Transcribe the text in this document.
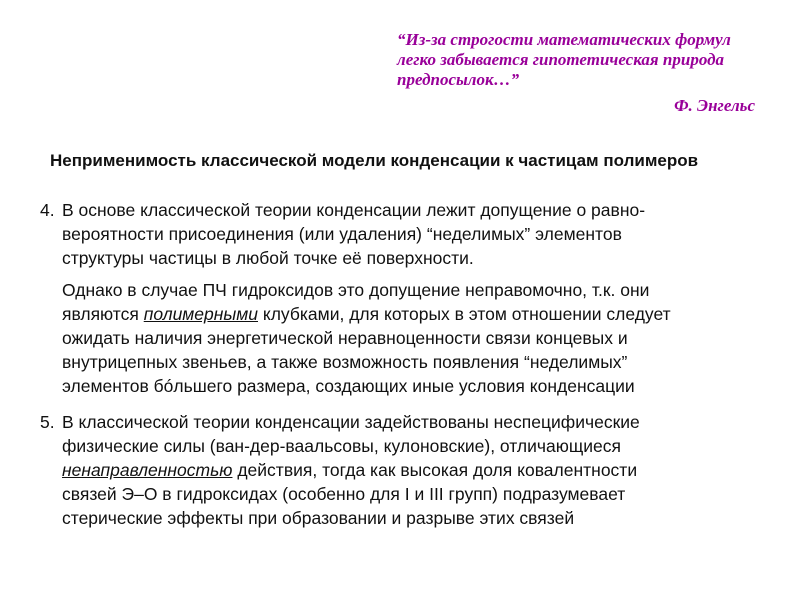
“Из-за строгости математических формул
легко забывается гипотетическая природа
предпосылок…”
Ф. Энгельс
Неприменимость классической модели конденсации к частицам полимеров
4. В основе классической теории конденсации лежит допущение о равно-
вероятности присоединения (или удаления) “неделимых” элементов
структуры частицы в любой точке её поверхности.
Однако в случае ПЧ гидроксидов это допущение неправомочно, т.к. они
являются полимерными клубками, для которых в этом отношении следует
ожидать наличия энергетической неравноценности связи концевых и
внутрицепных звеньев, а также возможность появления “неделимых”
элементов бóльшего размера, создающих иные условия конденсации
5. В классической теории конденсации задействованы неспецифические
физические силы (ван-дер-ваальсовы, кулоновские), отличающиеся
ненаправленностью действия, тогда как высокая доля ковалентности
связей Э–О в гидроксидах (особенно для I и III групп) подразумевает
стерические эффекты при образовании и разрыве этих связей
